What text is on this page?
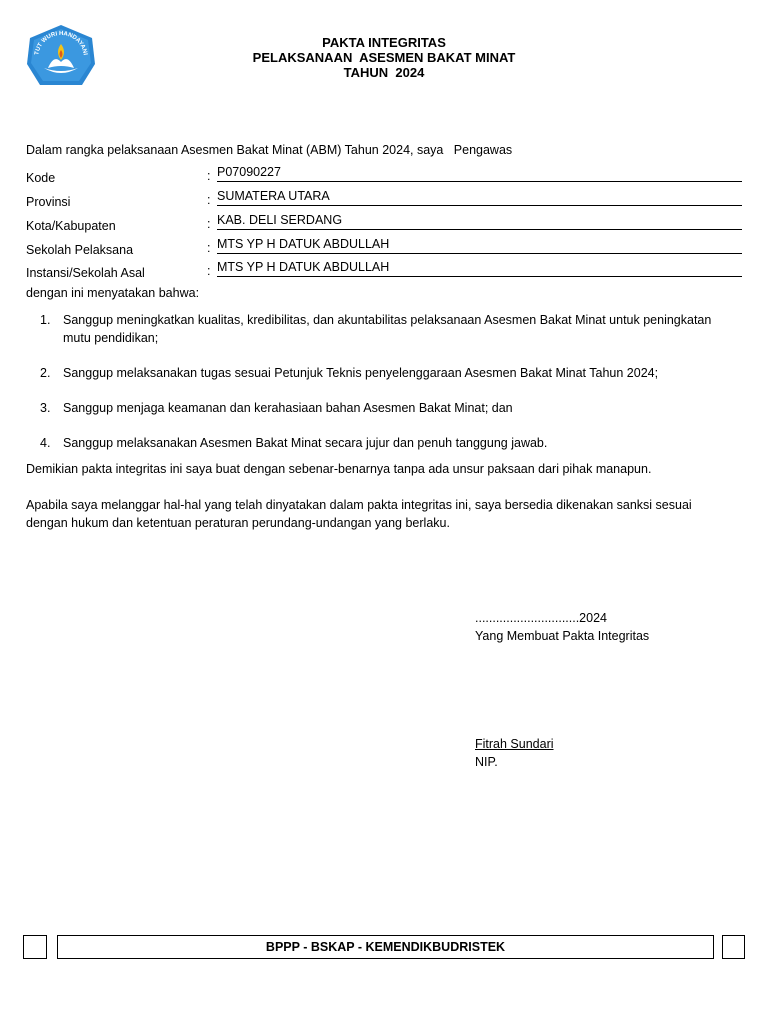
TUT WURI HANDAYANI
PAKTA INTEGRITAS
PELAKSANAAN  ASESMEN BAKAT MINAT
TAHUN  2024
Dalam rangka pelaksanaan Asesmen Bakat Minat (ABM) Tahun 2024, saya   Pengawas
Kode	: P07090227
Provinsi	: SUMATERA UTARA
Kota/Kabupaten	: KAB. DELI SERDANG
Sekolah Pelaksana	: MTS YP H DATUK ABDULLAH
Instansi/Sekolah Asal	: MTS YP H DATUK ABDULLAH
dengan ini menyatakan bahwa:
1. Sanggup meningkatkan kualitas, kredibilitas, dan akuntabilitas pelaksanaan Asesmen Bakat Minat untuk peningkatan mutu pendidikan;
2. Sanggup melaksanakan tugas sesuai Petunjuk Teknis penyelenggaraan Asesmen Bakat Minat Tahun 2024;
3. Sanggup menjaga keamanan dan kerahasiaan bahan Asesmen Bakat Minat; dan
4. Sanggup melaksanakan Asesmen Bakat Minat secara jujur dan penuh tanggung jawab.
Demikian pakta integritas ini saya buat dengan sebenar-benarnya tanpa ada unsur paksaan dari pihak manapun.
Apabila saya melanggar hal-hal yang telah dinyatakan dalam pakta integritas ini, saya bersedia dikenakan sanksi sesuai dengan hukum dan ketentuan peraturan perundang-undangan yang berlaku.
..............................2024
Yang Membuat Pakta Integritas
Fitrah Sundari
NIP.
BPPP - BSKAP - KEMENDIKBUDRISTEK
